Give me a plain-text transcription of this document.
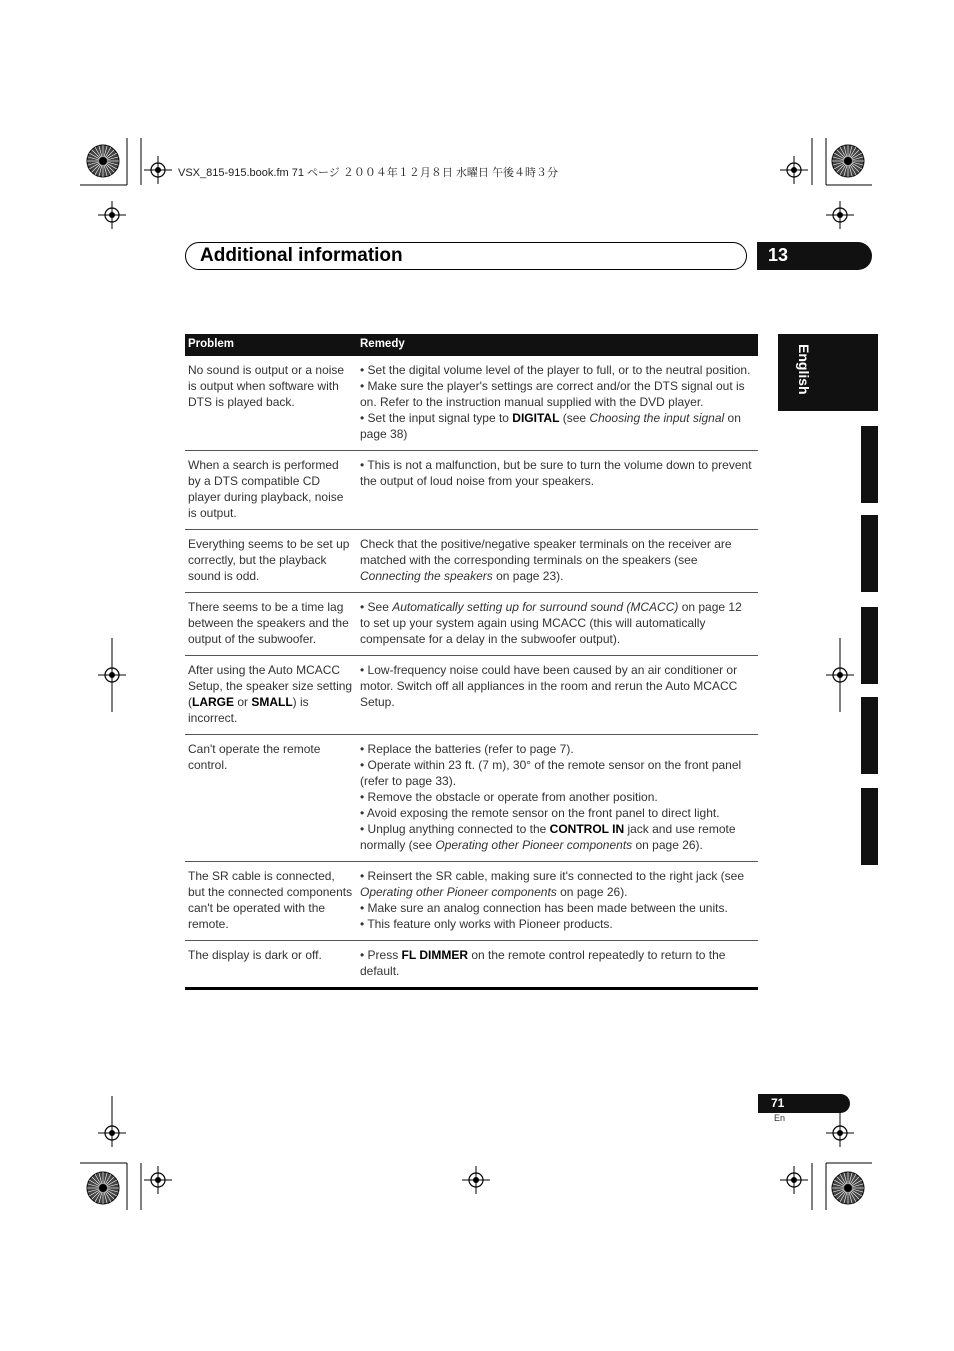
VSX_815-915.book.fm 71 ページ ２００４年１２月８日 水曜日 午後４時３分
Additional information	13
English
Problem	Remedy
No sound is output or a noise is output when software with DTS is played back.	• Set the digital volume level of the player to full, or to the neutral position.
• Make sure the player's settings are correct and/or the DTS signal out is on. Refer to the instruction manual supplied with the DVD player.
• Set the input signal type to DIGITAL (see Choosing the input signal on page 38)

When a search is performed by a DTS compatible CD player during playback, noise is output.	• This is not a malfunction, but be sure to turn the volume down to prevent the output of loud noise from your speakers.

Everything seems to be set up correctly, but the playback sound is odd.	Check that the positive/negative speaker terminals on the receiver are matched with the corresponding terminals on the speakers (see Connecting the speakers on page 23).

There seems to be a time lag between the speakers and the output of the subwoofer.	• See Automatically setting up for surround sound (MCACC) on page 12 to set up your system again using MCACC (this will automatically compensate for a delay in the subwoofer output).

After using the Auto MCACC Setup, the speaker size setting (LARGE or SMALL) is incorrect.	• Low-frequency noise could have been caused by an air conditioner or motor. Switch off all appliances in the room and rerun the Auto MCACC Setup.

Can't operate the remote control.	• Replace the batteries (refer to page 7).
• Operate within 23 ft. (7 m), 30° of the remote sensor on the front panel (refer to page 33).
• Remove the obstacle or operate from another position.
• Avoid exposing the remote sensor on the front panel to direct light.
• Unplug anything connected to the CONTROL IN jack and use remote normally (see Operating other Pioneer components on page 26).

The SR cable is connected, but the connected components can't be operated with the remote.	• Reinsert the SR cable, making sure it's connected to the right jack (see Operating other Pioneer components on page 26).
• Make sure an analog connection has been made between the units.
• This feature only works with Pioneer products.

The display is dark or off.	• Press FL DIMMER on the remote control repeatedly to return to the default.
71
En
